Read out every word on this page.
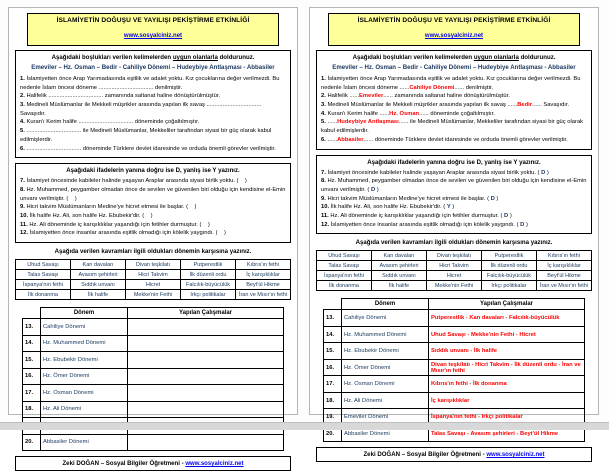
İSLAMİYETİN DOĞUŞU VE YAYILIŞI PEKİŞTİRME ETKİNLİĞİ
www.sosyalciniz.net
Aşağıdaki boşlukları verilen kelimelerden uygun olanlarla doldurunuz.
Emeviler – Hz. Osman – Bedir - Cahiliye Dönemi – Hudeybiye Antlaşması - Abbasiler
1. İslamiyetten önce Arap Yarımadasında eşitlik ve adalet yoktu. Kız çocuklarına değer verilmezdi. Bu nedenle İslam öncesi döneme .................................. denilmiştir.
2. Halifelik .................................. zamanında saltanat haline dönüştürülmüştür.
3. Medineli Müslümanlar ile Mekkeli müşrikler arasında yapılan ilk savaş .................................. Savaşıdır.
4. Kuran'ı Kerim halife .................................. döneminde çoğaltılmıştır.
5. .................................. ile Medineli Müslümanlar, Mekkeliler tarafından siyasi bir güç olarak kabul edilmişlerdir.
6. .................................. döneminde Türklere devlet idaresinde ve orduda önemli görevler verilmiştir.
Aşağıdaki ifadelerin yanına doğru ise D, yanlış ise Y yazınız.
7. İslamiyet öncesinde kabileler halinde yaşayan Araplar arasında siyasi birlik yoktu. (    )
8. Hz. Muhammed, peygamber olmadan önce de sevilen ve güvenilen biri olduğu için kendisine el-Emin unvanı verilmiştir. (    )
9. Hicri takvim Müslümanların Medine'ye hicret etmesi ile başlar. (    )
10. İlk halife Hz. Ali, son halife Hz. Ebubekir'dir. (    )
11. Hz. Ali döneminde iç karışıklıklar yaşandığı için fetihler durmuştur. (    )
12. İslamiyetten önce insanlar arasında eşitlik olmadığı için kölelik yaygındı. (    )
Aşağıda verilen kavramları ilgili oldukları dönemin karşısına yazınız.
Uhud Savaşı	Kan davaları	Divan teşkilatı	Putperestlik	Kıbrıs'ın fethi
Talas Savaşı	Avasım şehirleri	Hicri Takvim	İlk düzenli ordu	İç karışıklıklar
İspanya'nın fethi	Sıddık unvanı	Hicret	Falcılık-büyücülük	Beyt'ül Hikme
İlk donanma	İlk halife	Mekke'nin Fethi	Irkçı politikalar	İran ve Mısır'ın fethi
	Dönem	Yapılan Çalışmalar
13.	Cahiliye Dönemi	
14.	Hz. Muhammed Dönemi	
15.	Hz. Ebubekir Dönemi	
16.	Hz. Ömer Dönemi	
17.	Hz. Osman Dönemi	
18.	Hz. Ali Dönemi	

20.	Abbasiler Dönemi	
Zeki DOĞAN – Sosyal Bilgiler Öğretmeni - www.sosyalciniz.net
İSLAMİYETİN DOĞUŞU VE YAYILIŞI PEKİŞTİRME ETKİNLİĞİ
www.sosyalciniz.net
Aşağıdaki boşlukları verilen kelimelerden uygun olanlarla doldurunuz.
Emeviler – Hz. Osman – Bedir - Cahiliye Dönemi – Hudeybiye Antlaşması - Abbasiler
1. İslamiyetten önce Arap Yarımadasında eşitlik ve adalet yoktu. Kız çocuklarına değer verilmezdi. Bu nedenle İslam öncesi döneme ......Cahiliye Dönemi...... denilmiştir.
2. Halifelik ......Emeviler...... zamanında saltanat haline dönüştürülmüştür.
3. Medineli Müslümanlar ile Mekkeli müşrikler arasında yapılan ilk savaş ......Bedir...... Savaşıdır.
4. Kuran'ı Kerim halife ......Hz. Osman...... döneminde çoğaltılmıştır.
5. ......Hudeybiye Antlaşması...... ile Medineli Müslümanlar, Mekkeliler tarafından siyasi bir güç olarak kabul edilmişlerdir.
6. ......Abbasiler...... döneminde Türklere devlet idaresinde ve orduda önemli görevler verilmiştir.
Aşağıdaki ifadelerin yanına doğru ise D, yanlış ise Y yazınız.
7. İslamiyet öncesinde kabileler halinde yaşayan Araplar arasında siyasi birlik yoktu. ( D )
8. Hz. Muhammed, peygamber olmadan önce de sevilen ve güvenilen biri olduğu için kendisine el-Emin unvanı verilmiştir. ( D )
9. Hicri takvim Müslümanların Medine'ye hicret etmesi ile başlar. ( D )
10. İlk halife Hz. Ali, son halife Hz. Ebubekir'dir. ( Y )
11. Hz. Ali döneminde iç karışıklıklar yaşandığı için fetihler durmuştur. ( D )
12. İslamiyetten önce insanlar arasında eşitlik olmadığı için kölelik yaygındı. ( D )
Aşağıda verilen kavramları ilgili oldukları dönemin karşısına yazınız.
Uhud Savaşı	Kan davaları	Divan teşkilatı	Putperestlik	Kıbrıs'ın fethi
Talas Savaşı	Avasım şehirleri	Hicri Takvim	İlk düzenli ordu	İç karışıklıklar
İspanya'nın fethi	Sıddık unvanı	Hicret	Falcılık-büyücülük	Beyt'ül Hikme
İlk donanma	İlk halife	Mekke'nin Fethi	Irkçı politikalar	İran ve Mısır'ın fethi
	Dönem	Yapılan Çalışmalar
13.	Cahiliye Dönemi	Putperestlik - Kan davaları - Falcılık-büyücülük
14.	Hz. Muhammed Dönemi	Uhud Savaşı - Mekke'nin Fethi - Hicret
15.	Hz. Ebubekir Dönemi	Sıddık unvanı - İlk halife
16.	Hz. Ömer Dönemi	Divan teşkilatı - Hicri Takvim - İlk düzenli ordu - İran ve Mısır'ın fethi
17.	Hz. Osman Dönemi	Kıbrıs'ın fethi - İlk donanma
18.	Hz. Ali Dönemi	İç karışıklıklar
19.	Emeviler Dönemi	İspanya'nın fethi - Irkçı politikalar
20.	Abbasiler Dönemi	Talas Savaşı - Avasım şehirleri - Beyt'ül Hikme
Zeki DOĞAN – Sosyal Bilgiler Öğretmeni - www.sosyalciniz.net
